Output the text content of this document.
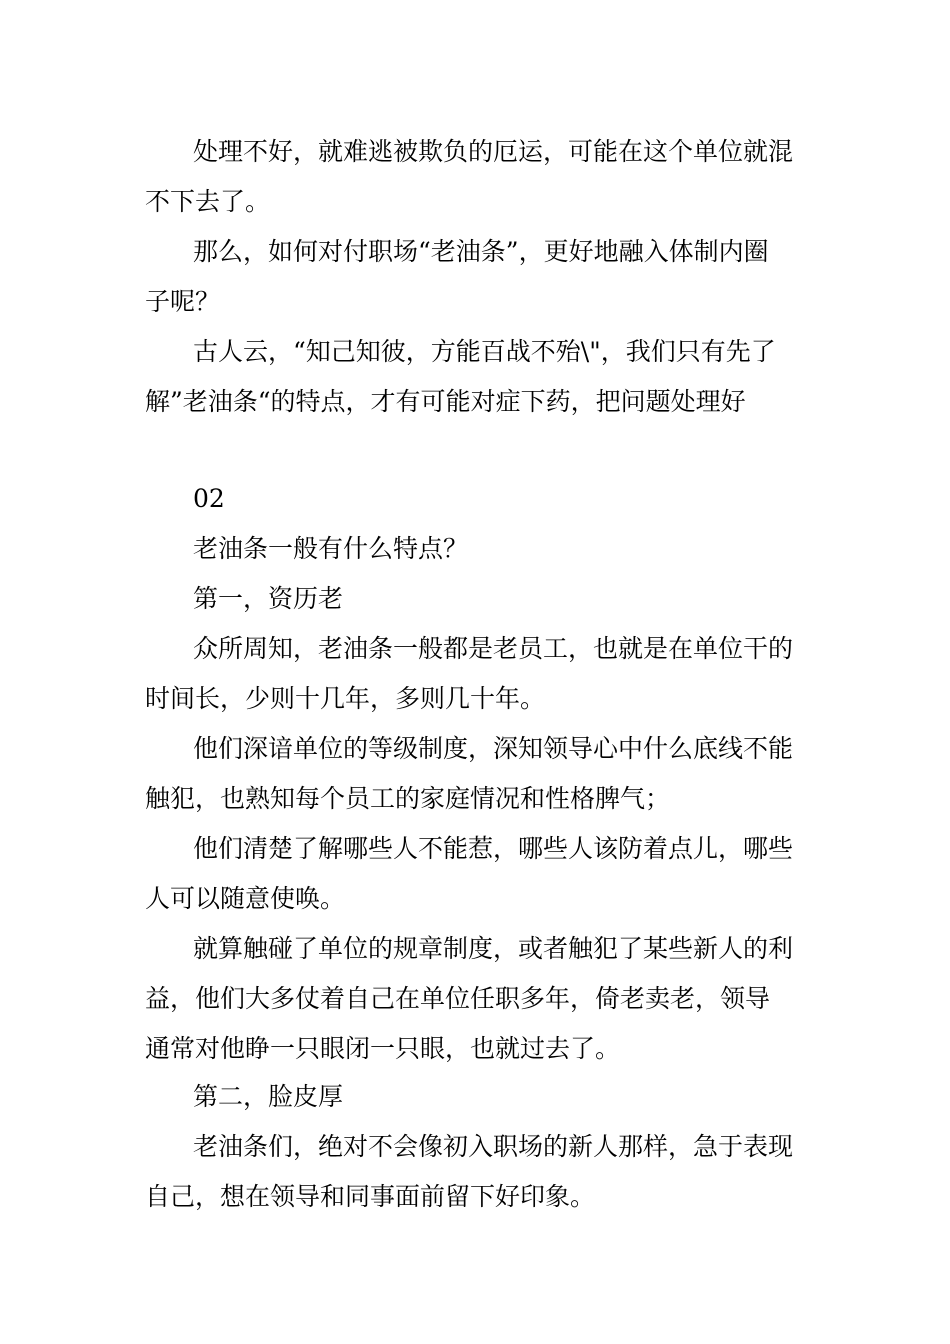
处理不好，就难逃被欺负的厄运，可能在这个单位就混
不下去了。
那么，如何对付职场“老油条”，更好地融入体制内圈
子呢？
古人云，“知己知彼，方能百战不殆\"，我们只有先了
解”老油条“的特点，才有可能对症下药，把问题处理好
02
老油条一般有什么特点？
第一，资历老
众所周知，老油条一般都是老员工，也就是在单位干的
时间长，少则十几年，多则几十年。
他们深谙单位的等级制度，深知领导心中什么底线不能
触犯，也熟知每个员工的家庭情况和性格脾气；
他们清楚了解哪些人不能惹，哪些人该防着点儿，哪些
人可以随意使唤。
就算触碰了单位的规章制度，或者触犯了某些新人的利
益，他们大多仗着自己在单位任职多年，倚老卖老，领导
通常对他睁一只眼闭一只眼，也就过去了。
第二，脸皮厚
老油条们，绝对不会像初入职场的新人那样，急于表现
自己，想在领导和同事面前留下好印象。
